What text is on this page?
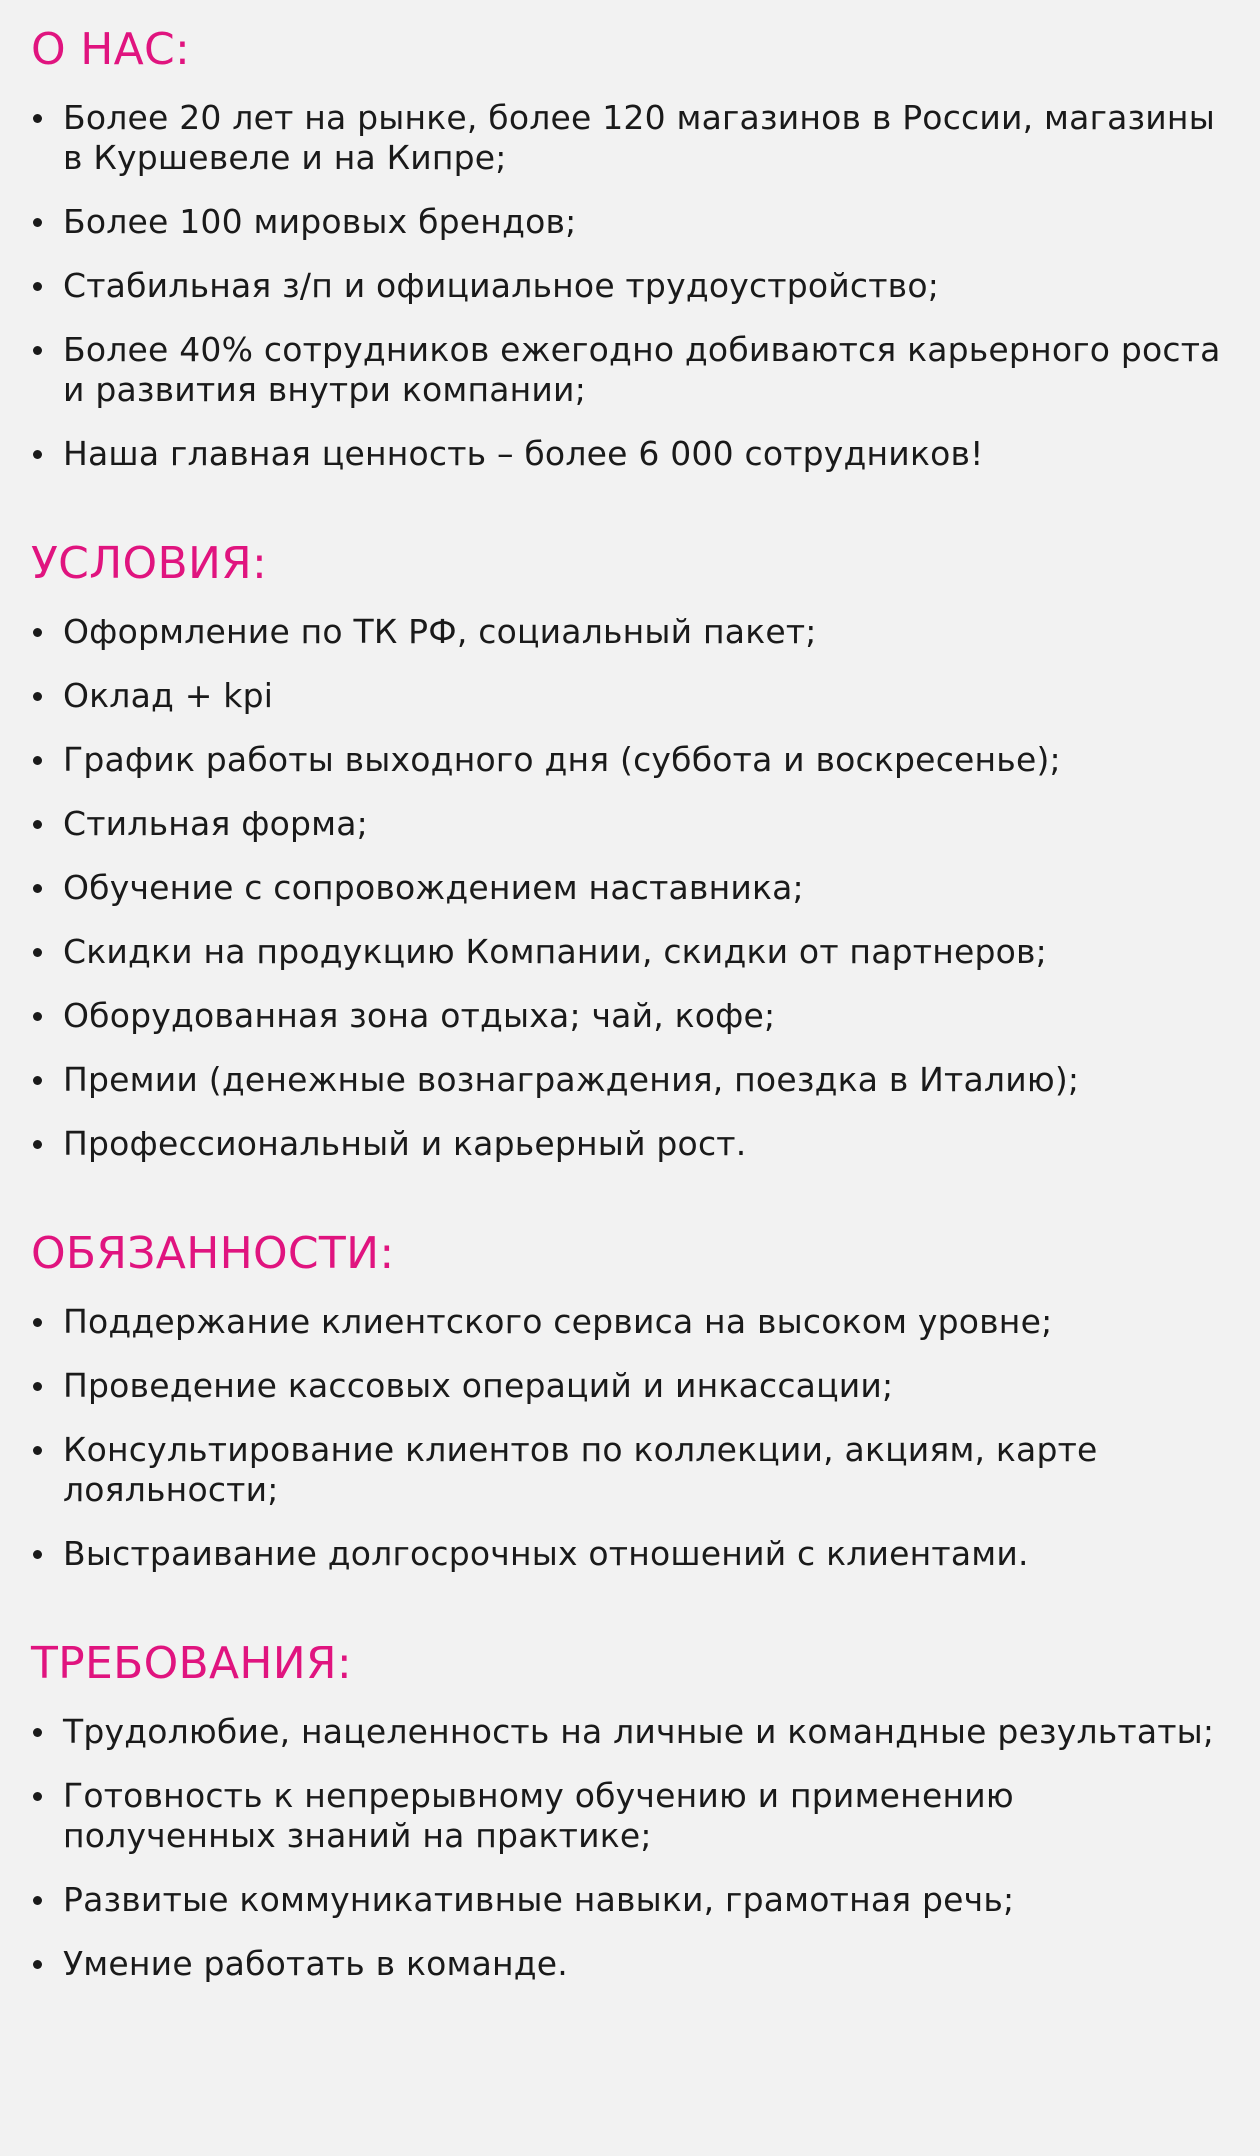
О НАС:
Более 20 лет на рынке, более 120 магазинов в России, магазины в Куршевеле и на Кипре;
Более 100 мировых брендов;
Стабильная з/п и официальное трудоустройство;
Более 40% сотрудников ежегодно добиваются карьерного роста и развития внутри компании;
Наша главная ценность – более 6 000 сотрудников!
УСЛОВИЯ:
Оформление по ТК РФ, социальный пакет;
Оклад + kpi
График работы выходного дня (суббота и воскресенье);
Стильная форма;
Обучение с сопровождением наставника;
Скидки на продукцию Компании, скидки от партнеров;
Оборудованная зона отдыха; чай, кофе;
Премии (денежные вознаграждения, поездка в Италию);
Профессиональный и карьерный рост.
ОБЯЗАННОСТИ:
Поддержание клиентского сервиса на высоком уровне;
Проведение кассовых операций и инкассации;
Консультирование клиентов по коллекции, акциям, карте лояльности;
Выстраивание долгосрочных отношений с клиентами.
ТРЕБОВАНИЯ:
Трудолюбие, нацеленность на личные и командные результаты;
Готовность к непрерывному обучению и применению полученных знаний на практике;
Развитые коммуникативные навыки, грамотная речь;
Умение работать в команде.
